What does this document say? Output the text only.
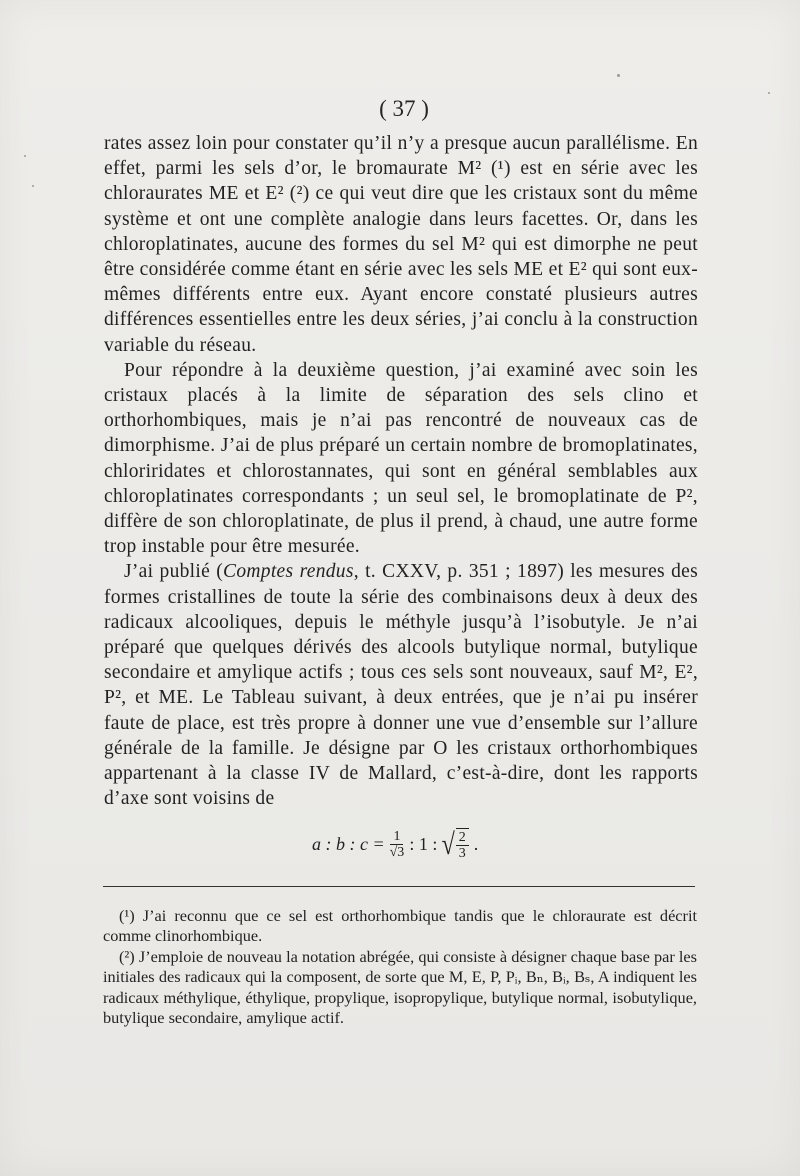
( 37 )

rates assez loin pour constater qu’il n’y a presque aucun parallélisme. En effet, parmi les sels d’or, le bromaurate M² (¹) est en série avec les chloraurates ME et E² (²) ce qui veut dire que les cristaux sont du même système et ont une complète analogie dans leurs facettes. Or, dans les chloroplatinates, aucune des formes du sel M² qui est dimorphe ne peut être considérée comme étant en série avec les sels ME et E² qui sont eux-mêmes différents entre eux. Ayant encore constaté plusieurs autres différences essentielles entre les deux séries, j’ai conclu à la construction variable du réseau.

Pour répondre à la deuxième question, j’ai examiné avec soin les cristaux placés à la limite de séparation des sels clino et orthorhombiques, mais je n’ai pas rencontré de nouveaux cas de dimorphisme. J’ai de plus préparé un certain nombre de bromoplatinates, chloriridates et chlorostannates, qui sont en général semblables aux chloroplatinates correspondants ; un seul sel, le bromoplatinate de P², diffère de son chloroplatinate, de plus il prend, à chaud, une autre forme trop instable pour être mesurée.

J’ai publié (Comptes rendus, t. CXXV, p. 351 ; 1897) les mesures des formes cristallines de toute la série des combinaisons deux à deux des radicaux alcooliques, depuis le méthyle jusqu’à l’isobutyle. Je n’ai préparé que quelques dérivés des alcools butylique normal, butylique secondaire et amylique actifs ; tous ces sels sont nouveaux, sauf M², E², P², et ME. Le Tableau suivant, à deux entrées, que je n’ai pu insérer faute de place, est très propre à donner une vue d’ensemble sur l’allure générale de la famille. Je désigne par O les cristaux orthorhombiques appartenant à la classe IV de Mallard, c’est-à-dire, dont les rapports d’axe sont voisins de

a : b : $c = \frac{1}{√3}$ : 1 : √ $\frac{2}{3}$ .

(¹) J’ai reconnu que ce sel est orthorhombique tandis que le chloraurate est décrit comme clinorhombique.

(²) J’emploie de nouveau la notation abrégée, qui consiste à désigner chaque base par les initiales des radicaux qui la composent, de sorte que M, E, P, Pᵢ, Bₙ, Bᵢ, Bₛ, A indiquent les radicaux méthylique, éthylique, propylique, isopropylique, butylique normal, isobutylique, butylique secondaire, amylique actif.
